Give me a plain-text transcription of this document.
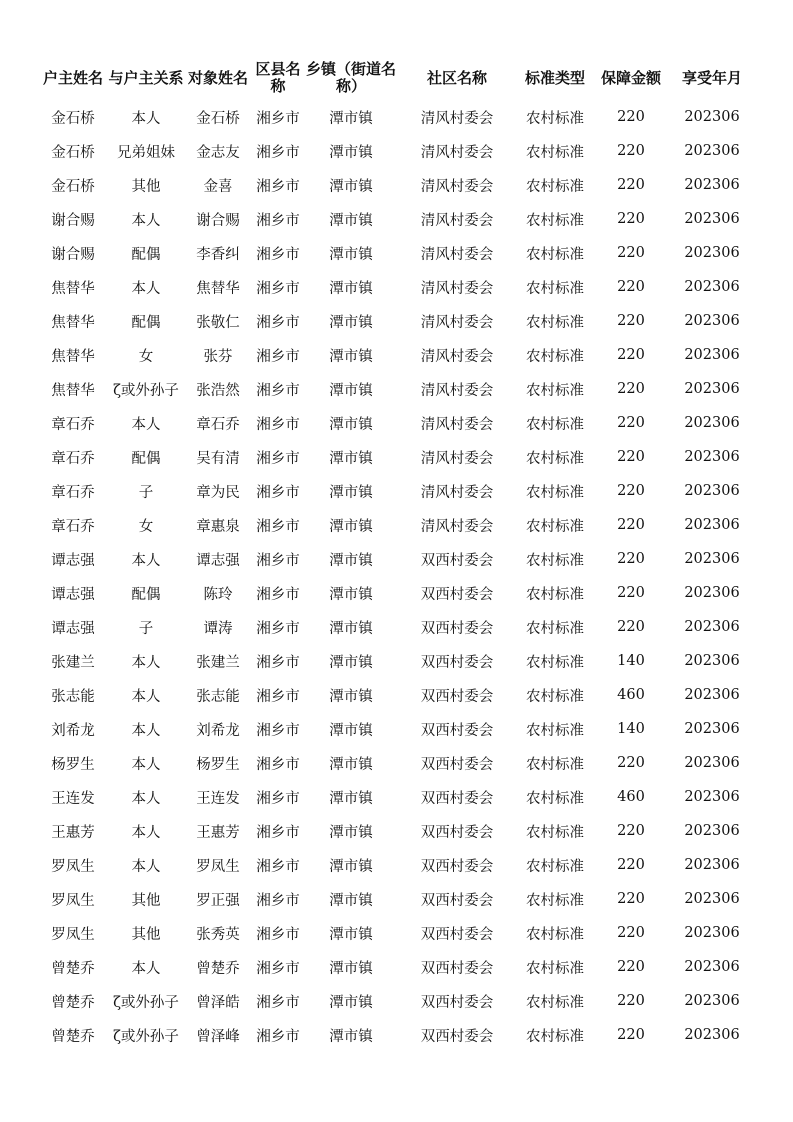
户主姓名	与户主关系	对象姓名	区县名称	乡镇（街道名称）	社区名称	标准类型	保障金额	享受年月
金石桥	本人	金石桥	湘乡市	潭市镇	清风村委会	农村标准	220	202306
金石桥	兄弟姐妹	金志友	湘乡市	潭市镇	清风村委会	农村标准	220	202306
金石桥	其他	金喜	湘乡市	潭市镇	清风村委会	农村标准	220	202306
谢合赐	本人	谢合赐	湘乡市	潭市镇	清风村委会	农村标准	220	202306
谢合赐	配偶	李香纠	湘乡市	潭市镇	清风村委会	农村标准	220	202306
焦替华	本人	焦替华	湘乡市	潭市镇	清风村委会	农村标准	220	202306
焦替华	配偶	张敬仁	湘乡市	潭市镇	清风村委会	农村标准	220	202306
焦替华	女	张芬	湘乡市	潭市镇	清风村委会	农村标准	220	202306
焦替华	ζ或外孙子	张浩然	湘乡市	潭市镇	清风村委会	农村标准	220	202306
章石乔	本人	章石乔	湘乡市	潭市镇	清风村委会	农村标准	220	202306
章石乔	配偶	吴有清	湘乡市	潭市镇	清风村委会	农村标准	220	202306
章石乔	子	章为民	湘乡市	潭市镇	清风村委会	农村标准	220	202306
章石乔	女	章惠泉	湘乡市	潭市镇	清风村委会	农村标准	220	202306
谭志强	本人	谭志强	湘乡市	潭市镇	双西村委会	农村标准	220	202306
谭志强	配偶	陈玲	湘乡市	潭市镇	双西村委会	农村标准	220	202306
谭志强	子	谭涛	湘乡市	潭市镇	双西村委会	农村标准	220	202306
张建兰	本人	张建兰	湘乡市	潭市镇	双西村委会	农村标准	140	202306
张志能	本人	张志能	湘乡市	潭市镇	双西村委会	农村标准	460	202306
刘希龙	本人	刘希龙	湘乡市	潭市镇	双西村委会	农村标准	140	202306
杨罗生	本人	杨罗生	湘乡市	潭市镇	双西村委会	农村标准	220	202306
王连发	本人	王连发	湘乡市	潭市镇	双西村委会	农村标准	460	202306
王惠芳	本人	王惠芳	湘乡市	潭市镇	双西村委会	农村标准	220	202306
罗凤生	本人	罗凤生	湘乡市	潭市镇	双西村委会	农村标准	220	202306
罗凤生	其他	罗正强	湘乡市	潭市镇	双西村委会	农村标准	220	202306
罗凤生	其他	张秀英	湘乡市	潭市镇	双西村委会	农村标准	220	202306
曾楚乔	本人	曾楚乔	湘乡市	潭市镇	双西村委会	农村标准	220	202306
曾楚乔	ζ或外孙子	曾泽皓	湘乡市	潭市镇	双西村委会	农村标准	220	202306
曾楚乔	ζ或外孙子	曾泽峰	湘乡市	潭市镇	双西村委会	农村标准	220	202306
